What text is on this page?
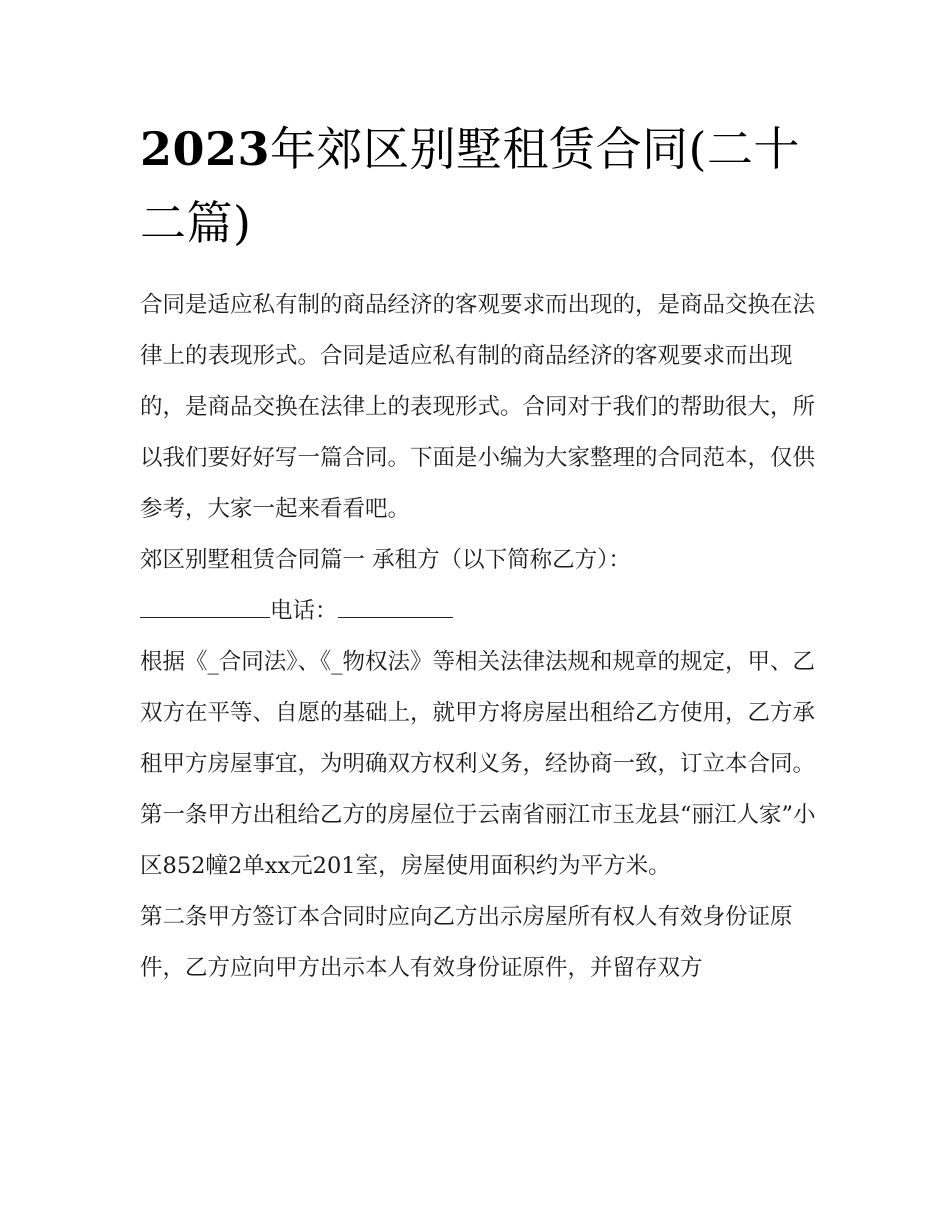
2023年郊区别墅租赁合同(二十二篇)

合同是适应私有制的商品经济的客观要求而出现的，是商品交换在法律上的表现形式。合同是适应私有制的商品经济的客观要求而出现的，是商品交换在法律上的表现形式。合同对于我们的帮助很大，所以我们要好好写一篇合同。下面是小编为大家整理的合同范本，仅供参考，大家一起来看看吧。

郊区别墅租赁合同篇一 承租方（以下简称乙方）：

电话：

根据《_合同法》、《_物权法》等相关法律法规和规章的规定，甲、乙双方在平等、自愿的基础上，就甲方将房屋出租给乙方使用，乙方承租甲方房屋事宜，为明确双方权利义务，经协商一致，订立本合同。

第一条甲方出租给乙方的房屋位于云南省丽江市玉龙县“丽江人家”小区852幢2单xx元201室，房屋使用面积约为平方米。

第二条甲方签订本合同时应向乙方出示房屋所有权人有效身份证原件，乙方应向甲方出示本人有效身份证原件，并留存双方
